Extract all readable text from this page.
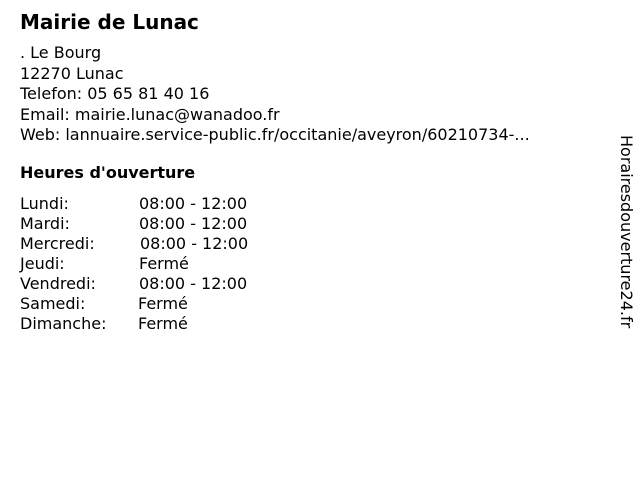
Mairie de Lunac
. Le Bourg
12270 Lunac
Telefon: 05 65 81 40 16
Email: mairie.lunac@wanadoo.fr
Web: lannuaire.service-public.fr/occitanie/aveyron/60210734-...
Heures d'ouverture
Lundi:	08:00 - 12:00
Mardi:	08:00 - 12:00
Mercredi:	08:00 - 12:00
Jeudi:	Fermé
Vendredi:	08:00 - 12:00
Samedi:	Fermé
Dimanche: Fermé	Horairesdouverture24.fr
